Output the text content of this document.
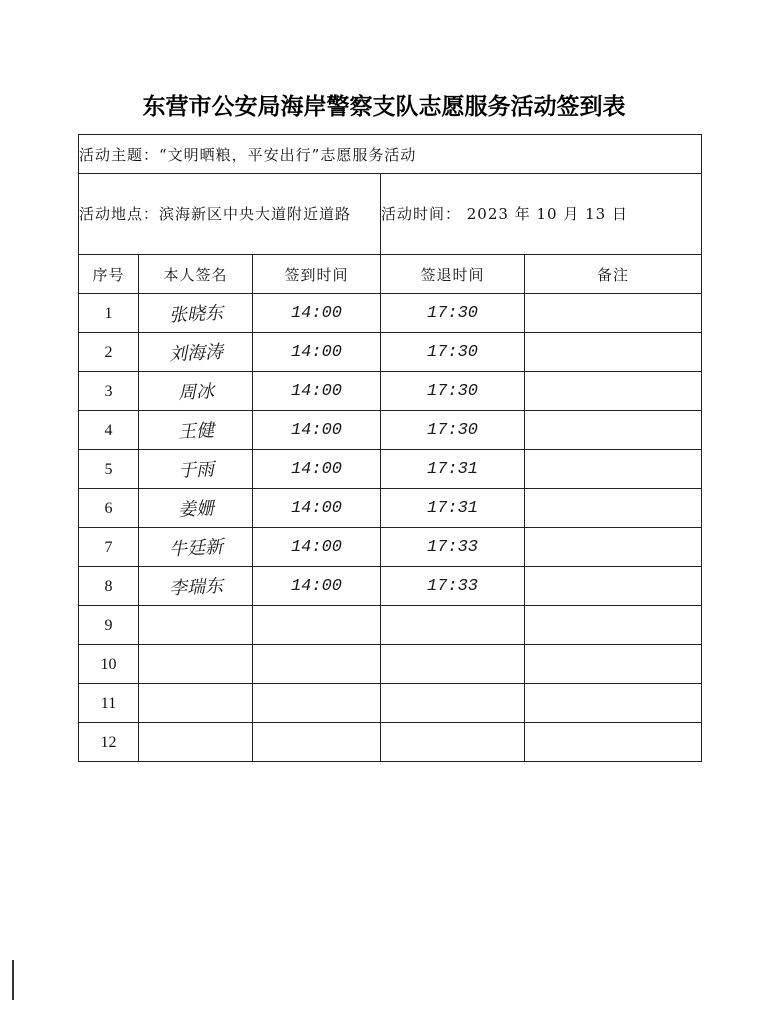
东营市公安局海岸警察支队志愿服务活动签到表
活动主题：“文明晒粮，平安出行”志愿服务活动				
活动地点：滨海新区中央大道附近道路			活动时间： 2023 年 10 月 13 日	
序号	本人签名	签到时间	签退时间	备注
1	张晓东	14:00	17:30	
2	刘海涛	14:00	17:30	
3	周冰	14:00	17:30	
4	王健	14:00	17:30	
5	于雨	14:00	17:31	
6	姜姗	14:00	17:31	
7	牛廷新	14:00	17:33	
8	李瑞东	14:00	17:33	
9				
10				
11				
12				
